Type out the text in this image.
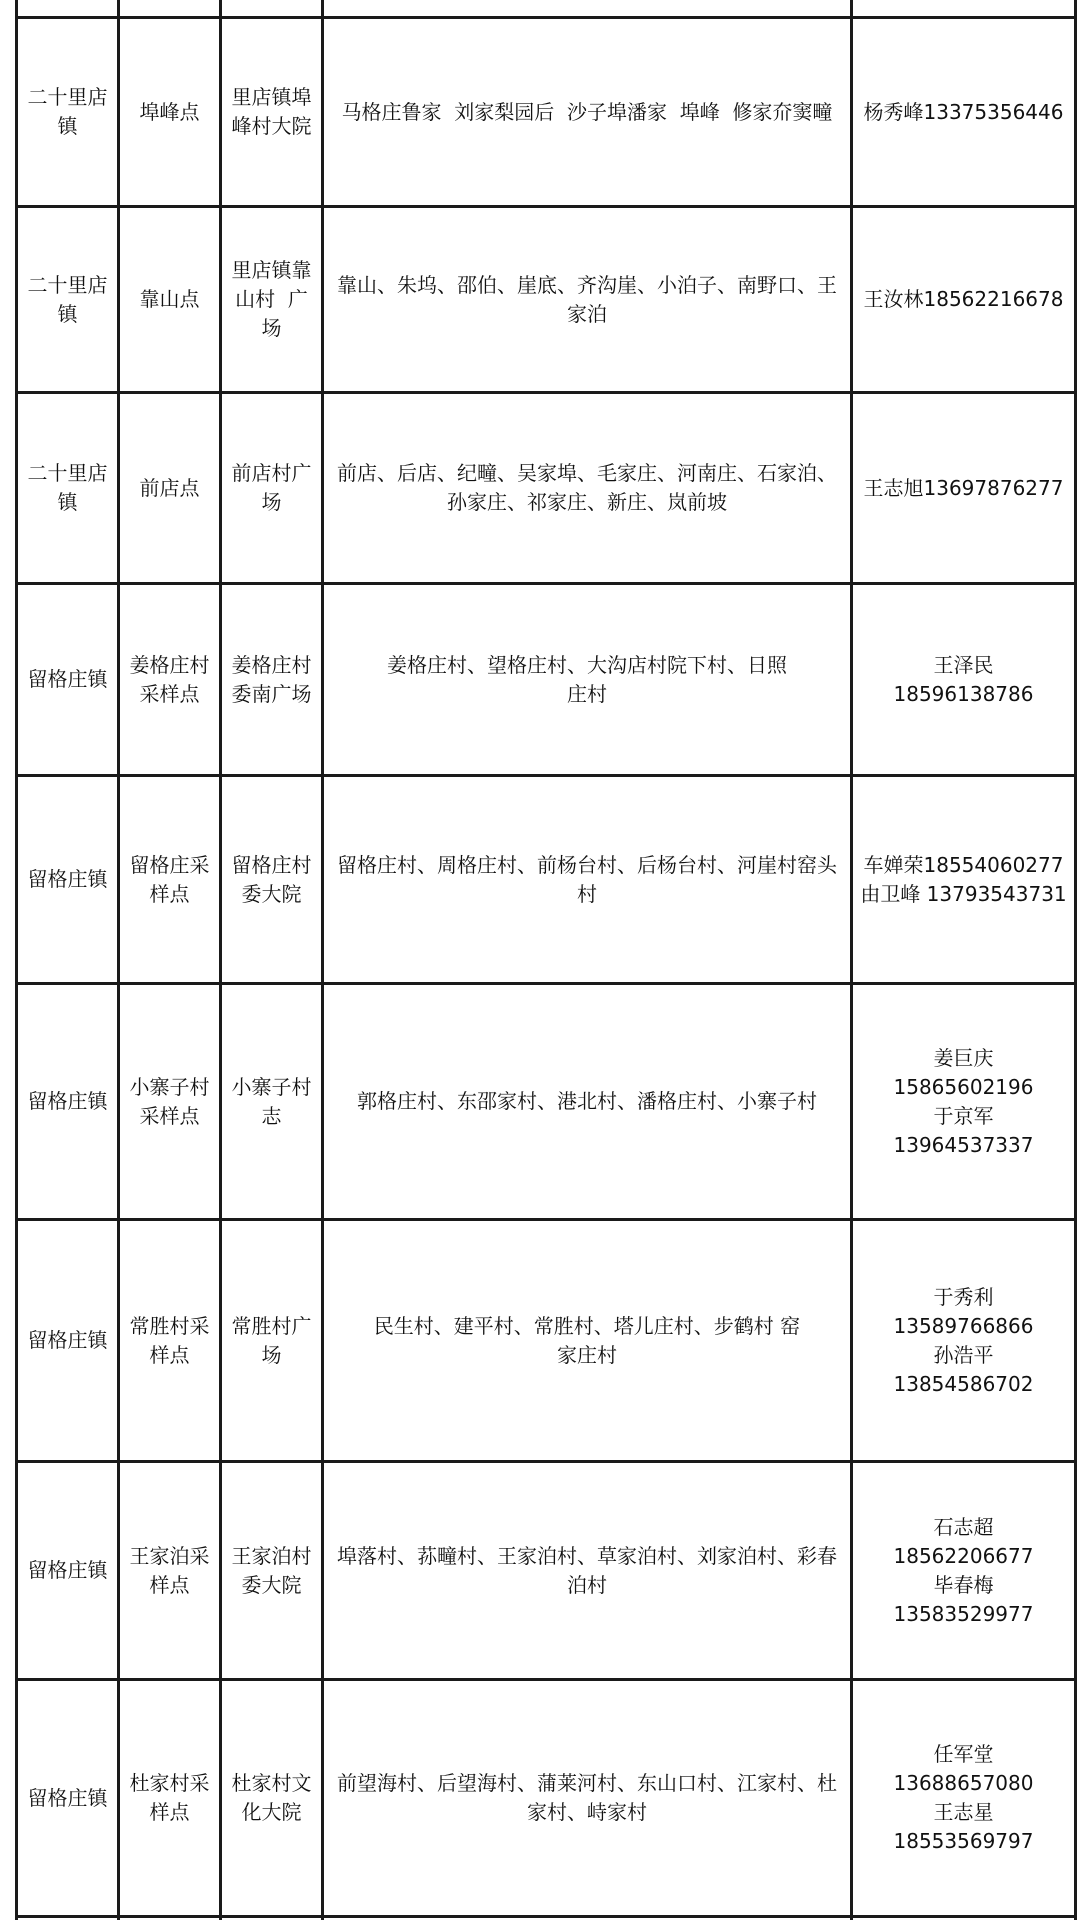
二十里店镇
埠峰点
里店镇埠峰村大院
马格庄鲁家  刘家梨园后  沙子埠潘家  埠峰  修家夼窦疃 杨秀峰13375356446
二十里店镇
靠山点
里店镇靠山村  广场
靠山、朱坞、邵伯、崖底、齐沟崖、小泊子、南野口、王家泊
王汝林18562216678
二十里店镇
前店点
前店村广场
前店、后店、纪疃、吴家埠、毛家庄、河南庄、石家泊、孙家庄、祁家庄、新庄、岚前坡
王志旭13697876277
留格庄镇
姜格庄村采样点
姜格庄村委南广场
姜格庄村、望格庄村、大沟店村院下村、日照庄村
王泽民 18596138786
留格庄镇
留格庄采样点
留格庄村委大院
留格庄村、周格庄村、前杨台村、后杨台村、河崖村窑头村
车婵荣18554060277 由卫峰 13793543731
留格庄镇
小寨子村采样点
小寨子村志
郭格庄村、东邵家村、港北村、潘格庄村、小寨子村
姜巨庆 15865602196 于京军 13964537337
留格庄镇
常胜村采样点
常胜村广场
民生村、建平村、常胜村、塔儿庄村、步鹤村 窑家庄村
于秀利 13589766866 孙浩平 13854586702
留格庄镇
王家泊采样点
王家泊村委大院
埠落村、荪疃村、王家泊村、草家泊村、刘家泊村、彩春泊村
石志超 18562206677 毕春梅 13583529977
留格庄镇
杜家村采样点
杜家村文化大院
前望海村、后望海村、蒲莱河村、东山口村、江家村、杜家村、峙家村
任军堂 13688657080 王志星 18553569797
